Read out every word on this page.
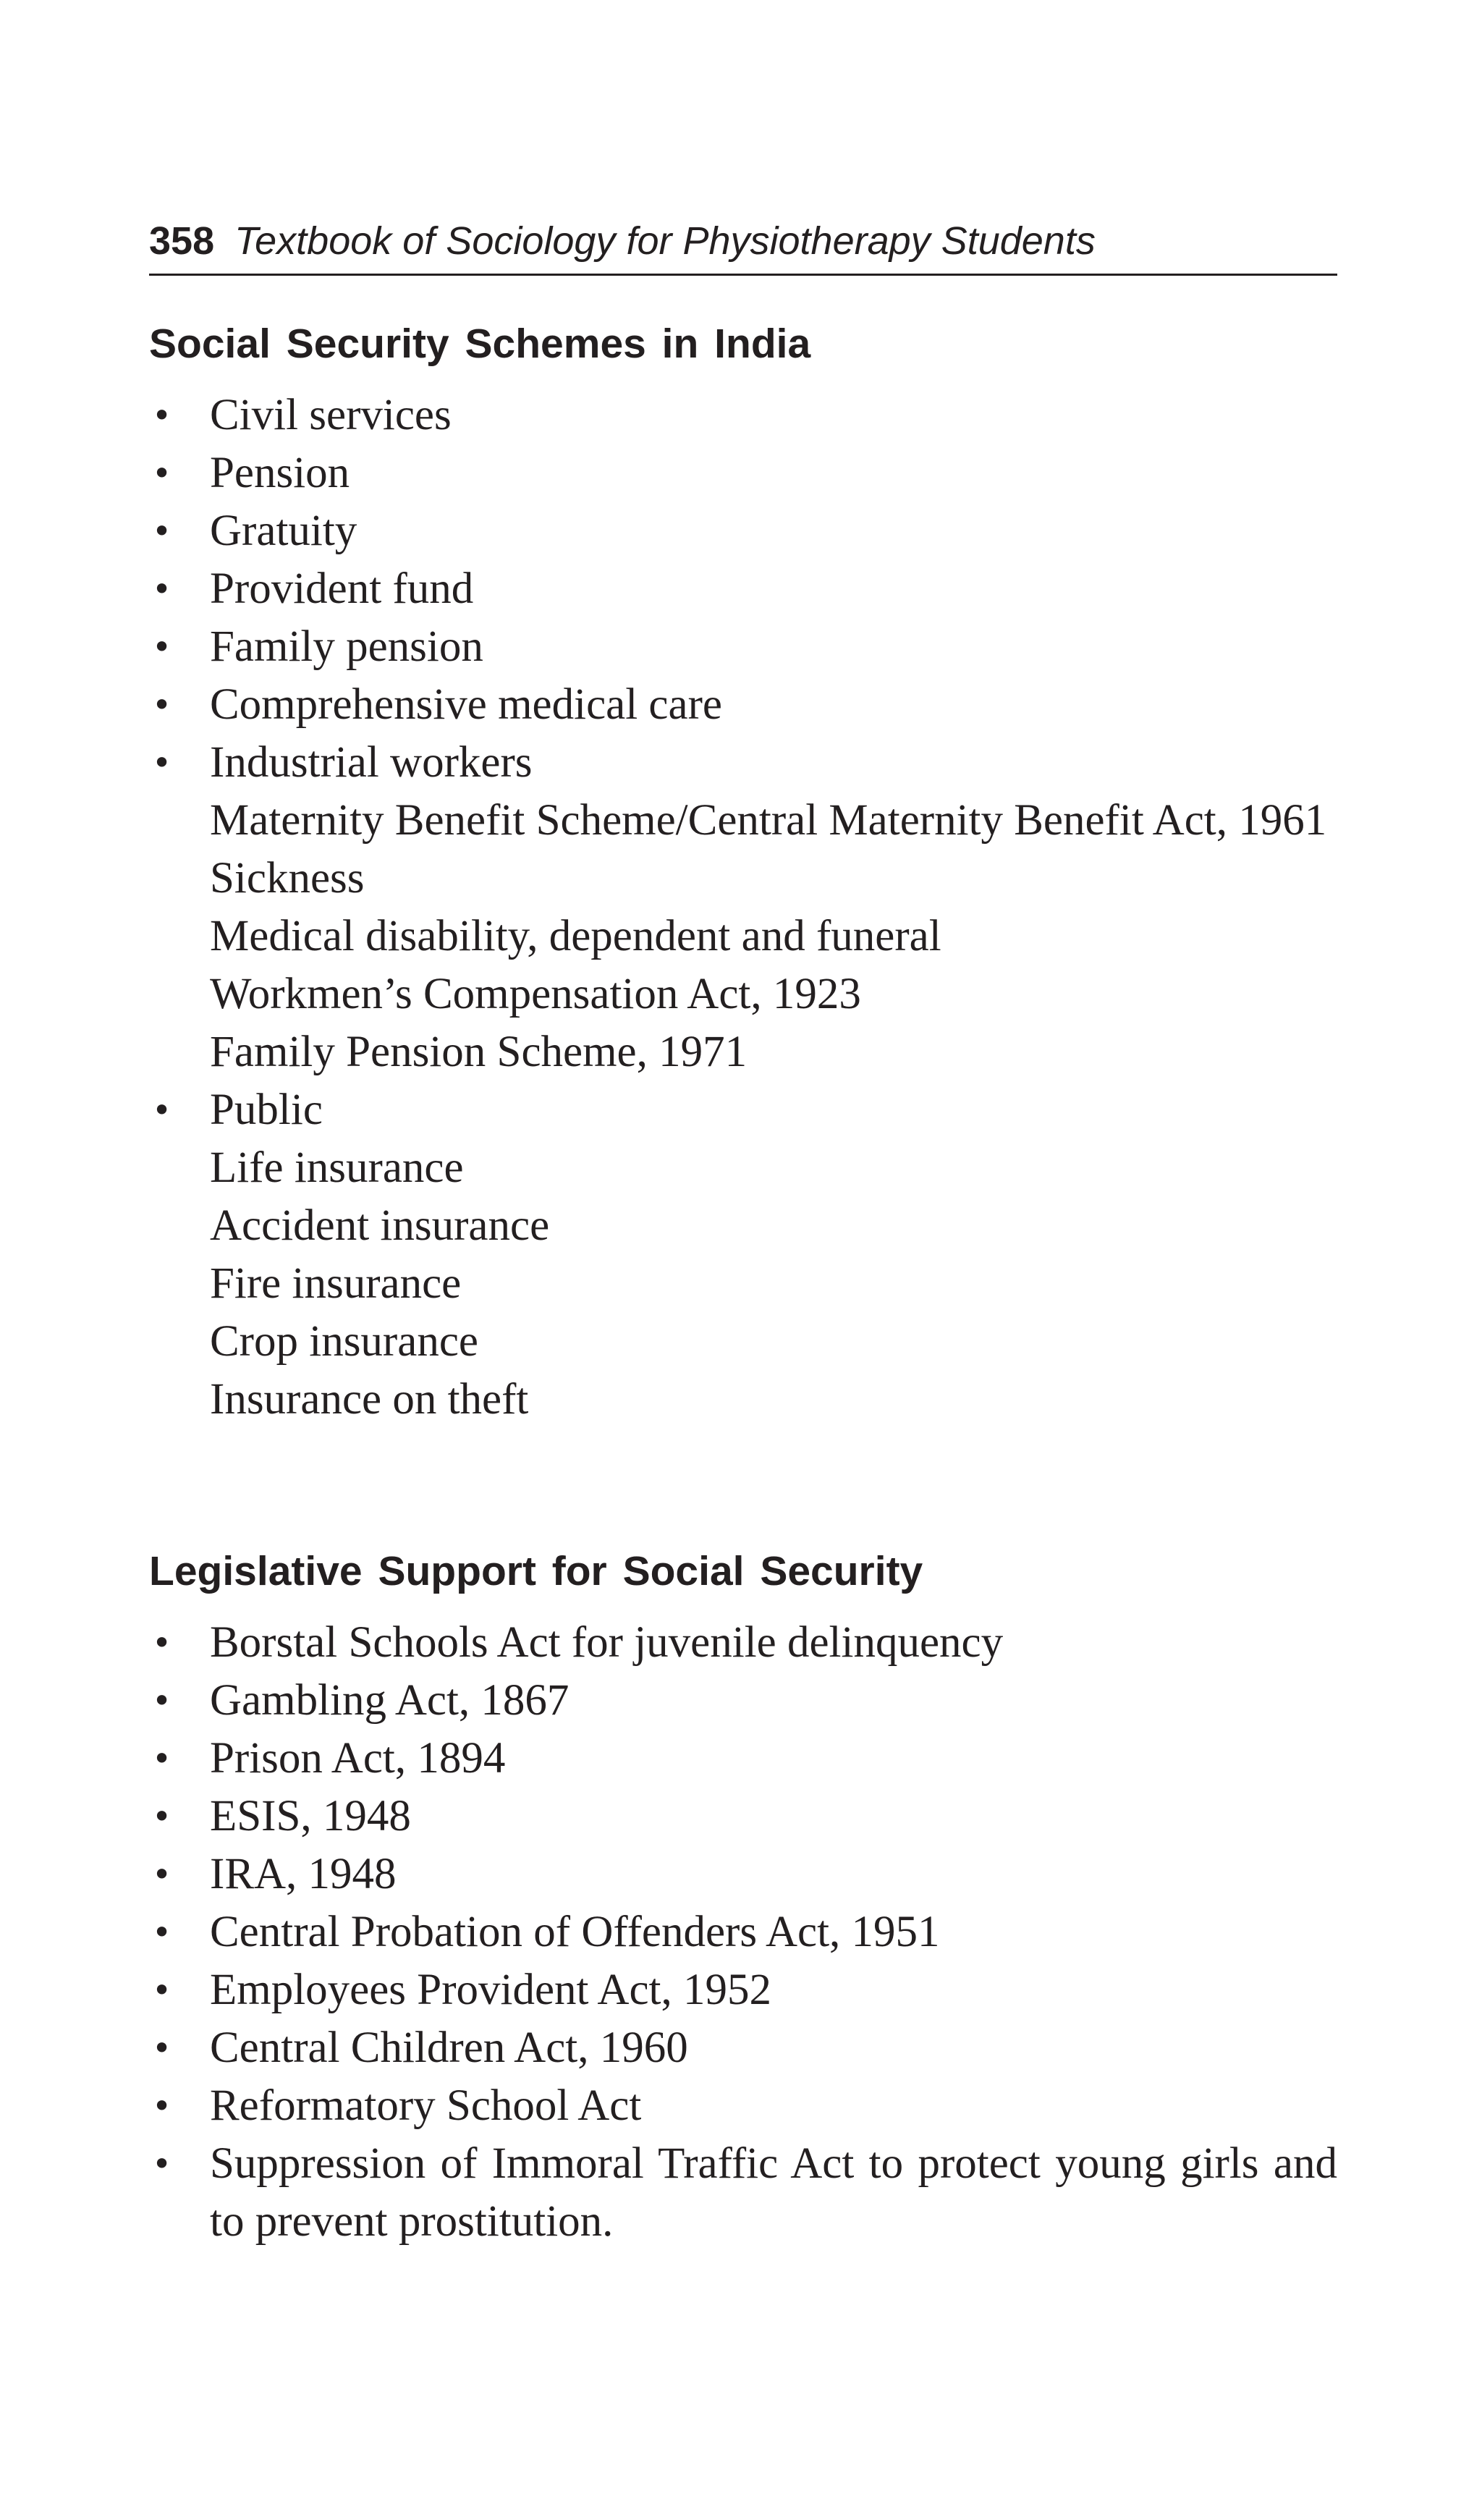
358 Textbook of Sociology for Physiotherapy Students
Social Security Schemes in India
• Civil services
• Pension
• Gratuity
• Provident fund
• Family pension
• Comprehensive medical care
• Industrial workers
Maternity Benefit Scheme/Central Maternity Benefit Act, 1961
Sickness
Medical disability, dependent and funeral
Workmen’s Compensation Act, 1923
Family Pension Scheme, 1971
• Public
Life insurance
Accident insurance
Fire insurance
Crop insurance
Insurance on theft
Legislative Support for Social Security
• Borstal Schools Act for juvenile delinquency
• Gambling Act, 1867
• Prison Act, 1894
• ESIS, 1948
• IRA, 1948
• Central Probation of Offenders Act, 1951
• Employees Provident Act, 1952
• Central Children Act, 1960
• Reformatory School Act
• Suppression of Immoral Traffic Act to protect young girls and to prevent prostitution.
